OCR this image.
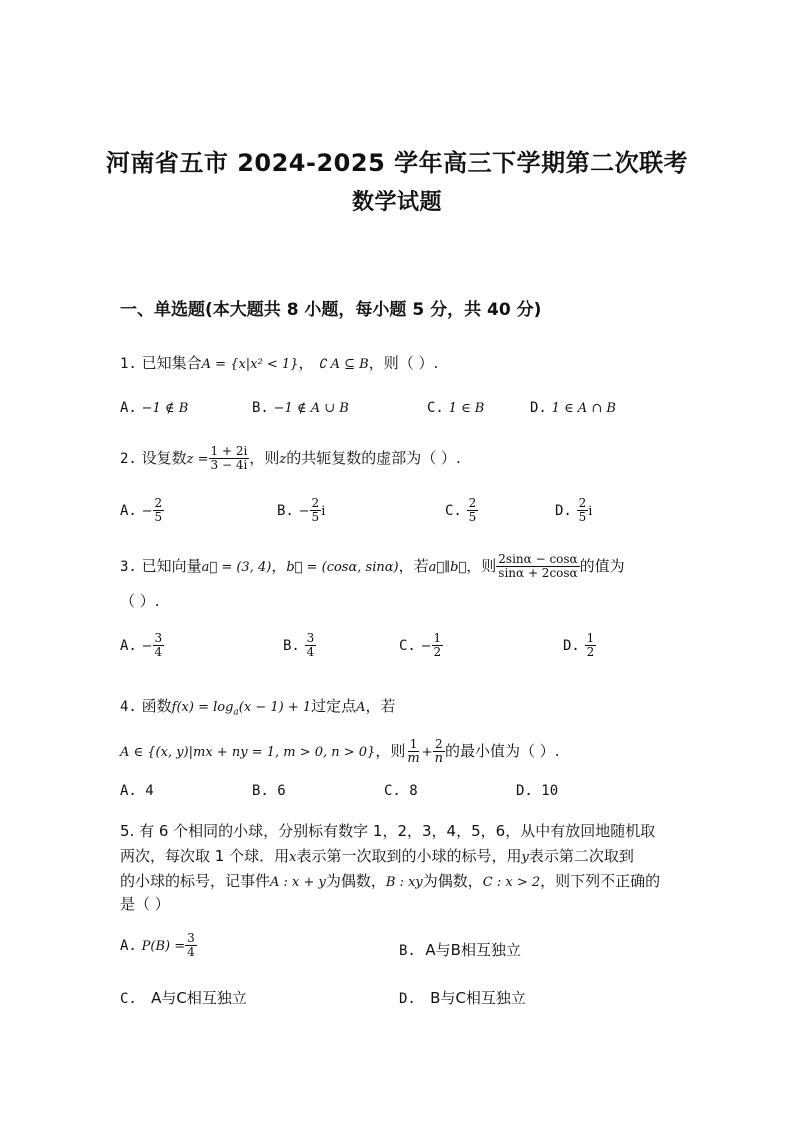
河南省五市 2024-2025 学年高三下学期第二次联考
数学试题
一、单选题(本大题共 8 小题，每小题 5 分，共 40 分)
1. 已知集合A = {x|x² < 1}， ∁ A ⊆ B，则（ ）.
A. −1 ∉ B	B. −1 ∉ A ∪ B	C. 1 ∈ B	D. 1 ∈ A ∩ B
2. 设复数$z = \frac{1 + 2i}{3 - 4i}$ ，则z的共轭复数的虚部为（ ）.
A. − $\frac{2}{5}$	B. − $\frac{2}{5}$ i	C. $\frac{2}{5}$	D. $\frac{2}{5}$ i
3. 已知向量a⃗ = (3, 4)，b⃗ = (cosα, sinα)，若a⃗∥b⃗，则 $\frac{2\sin\alpha - \cos\alpha}{\sin\alpha + 2\cos\alpha}$ 的值为
（ ）.
A. − $\frac{3}{4}$	B. $\frac{3}{4}$	C. − $\frac{1}{2}$	D. $\frac{1}{2}$
4. 函数$f(x) = \log_a(x - 1) + 1$过定点A，若
A ∈ {(x, y)|mx + ny = 1, m > 0, n > 0}，则 $\frac{1}{m} + \frac{2}{n}$ 的最小值为（ ）.
A. 4	B. 6	C. 8	D. 10
5. 有 6 个相同的小球，分别标有数字 1，2，3，4，5，6，从中有放回地随机取
两次，每次取 1 个球．用x表示第一次取到的小球的标号，用y表示第二次取到
的小球的标号，记事件A : x + y为偶数，B : xy为偶数，C : x > 2，则下列不正确的
是（ ）
A. $P(B) = \frac{3}{4}$	B. A与B相互独立
C. A与C相互独立	D. B与C相互独立
